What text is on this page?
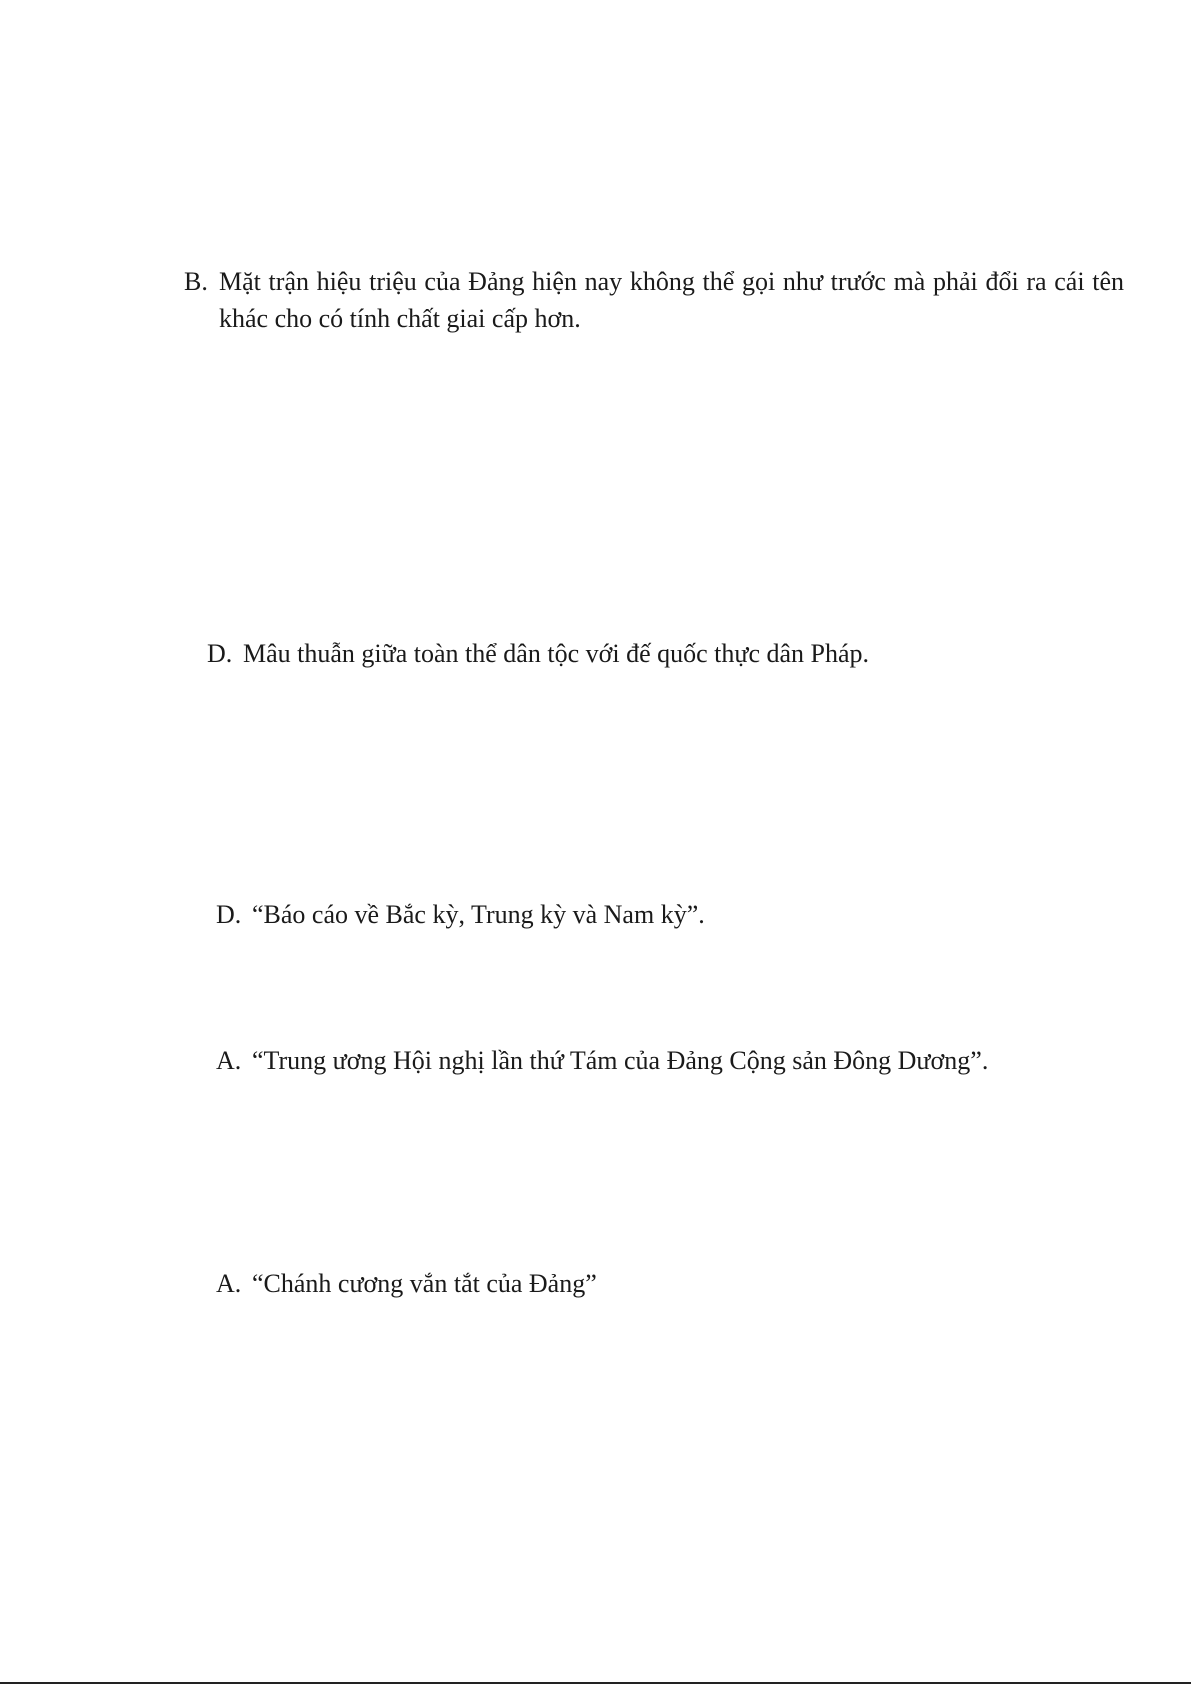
B. Mặt trận hiệu triệu của Đảng hiện nay không thể gọi như trước mà phải đổi ra cái tên khác cho có tính chất giai cấp hơn.
D. Mâu thuẫn giữa toàn thể dân tộc với đế quốc thực dân Pháp.
D. “Báo cáo về Bắc kỳ, Trung kỳ và Nam kỳ”.
A. “Trung ương Hội nghị lần thứ Tám của Đảng Cộng sản Đông Dương”.
A. “Chánh cương vắn tắt của Đảng”
